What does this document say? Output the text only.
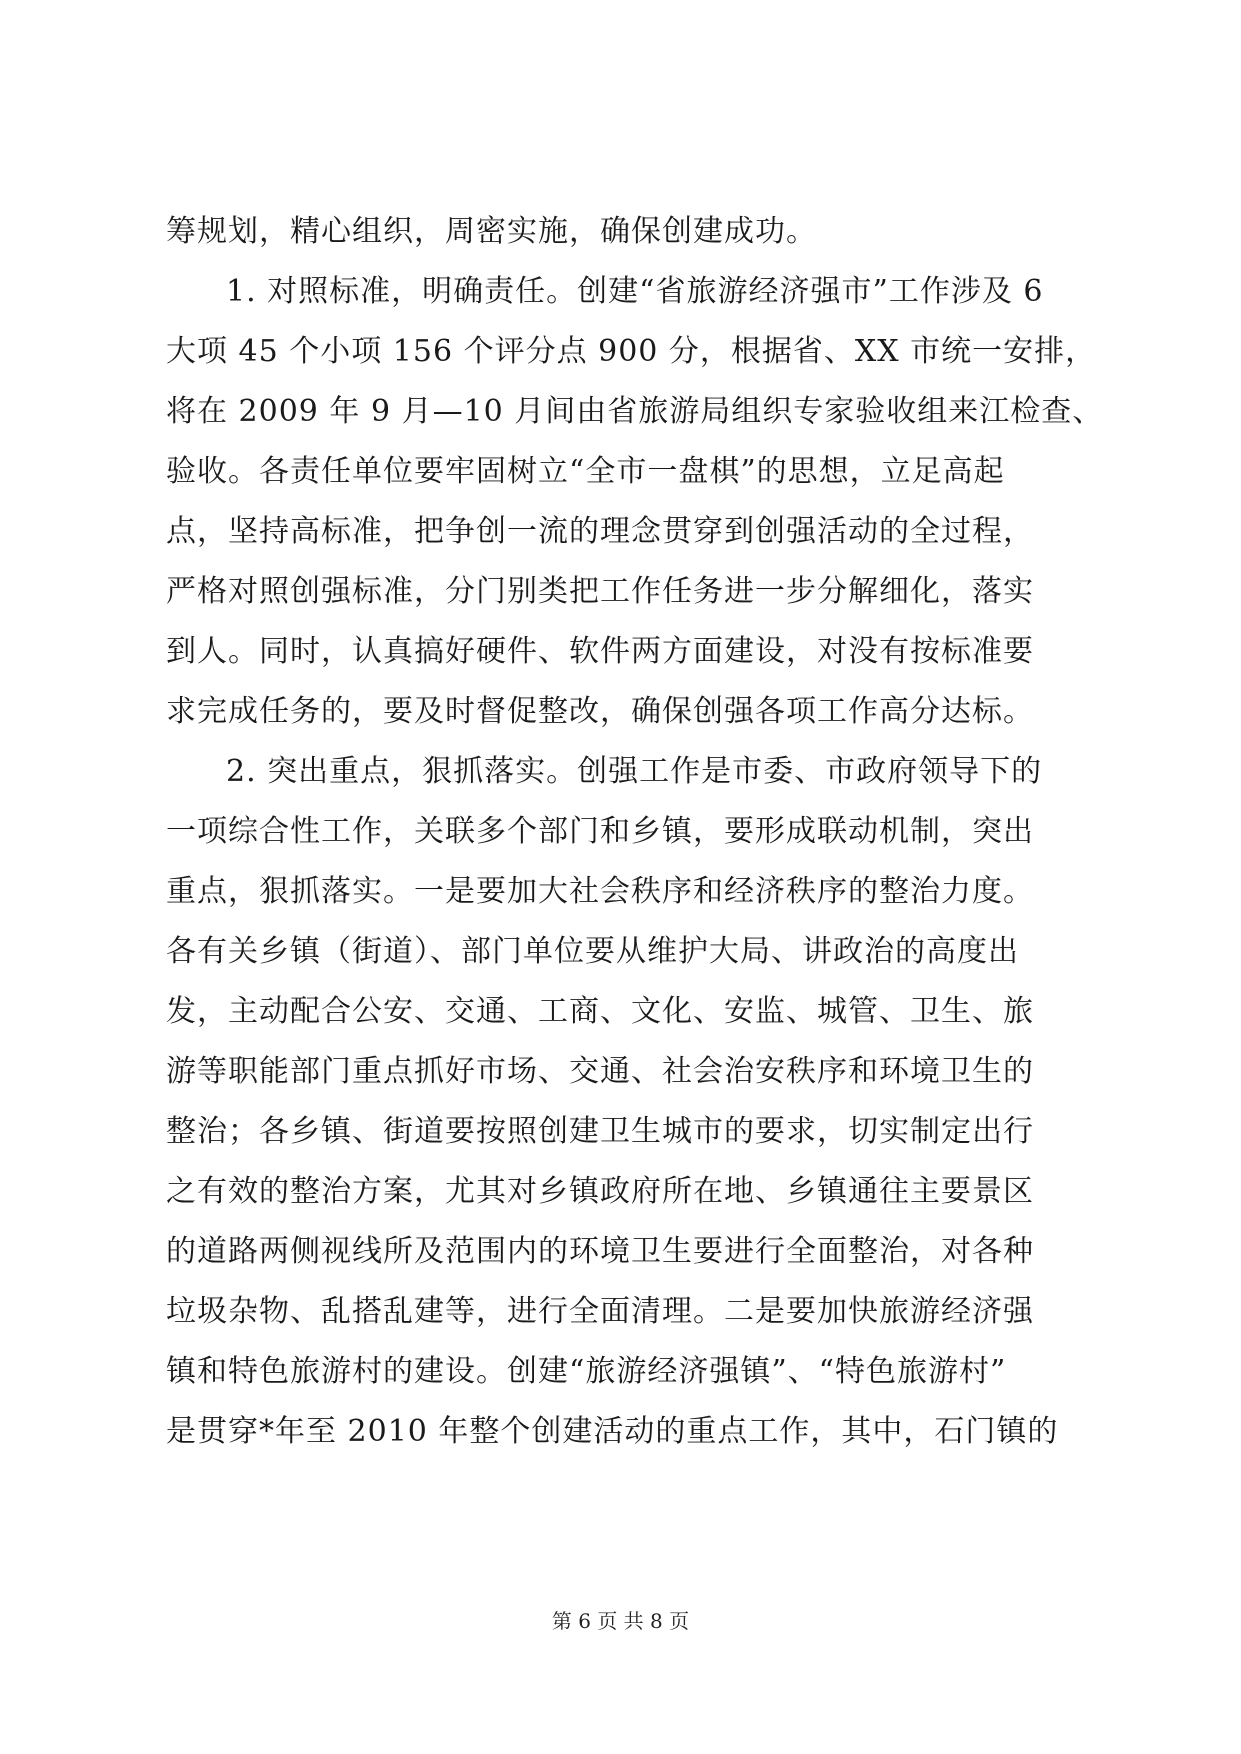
筹规划，精心组织，周密实施，确保创建成功。
1. 对照标准，明确责任。创建“省旅游经济强市”工作涉及 6
大项 45 个小项 156 个评分点 900 分，根据省、XX 市统一安排，
将在 2009 年 9 月—10 月间由省旅游局组织专家验收组来江检查、
验收。各责任单位要牢固树立“全市一盘棋”的思想，立足高起
点，坚持高标准，把争创一流的理念贯穿到创强活动的全过程，
严格对照创强标准，分门别类把工作任务进一步分解细化，落实
到人。同时，认真搞好硬件、软件两方面建设，对没有按标准要
求完成任务的，要及时督促整改，确保创强各项工作高分达标。
2. 突出重点，狠抓落实。创强工作是市委、市政府领导下的
一项综合性工作，关联多个部门和乡镇，要形成联动机制，突出
重点，狠抓落实。一是要加大社会秩序和经济秩序的整治力度。
各有关乡镇（街道）、部门单位要从维护大局、讲政治的高度出
发，主动配合公安、交通、工商、文化、安监、城管、卫生、旅
游等职能部门重点抓好市场、交通、社会治安秩序和环境卫生的
整治；各乡镇、街道要按照创建卫生城市的要求，切实制定出行
之有效的整治方案，尤其对乡镇政府所在地、乡镇通往主要景区
的道路两侧视线所及范围内的环境卫生要进行全面整治，对各种
垃圾杂物、乱搭乱建等，进行全面清理。二是要加快旅游经济强
镇和特色旅游村的建设。创建“旅游经济强镇”、“特色旅游村”
是贯穿*年至 2010 年整个创建活动的重点工作，其中，石门镇的
第 6 页 共 8 页
